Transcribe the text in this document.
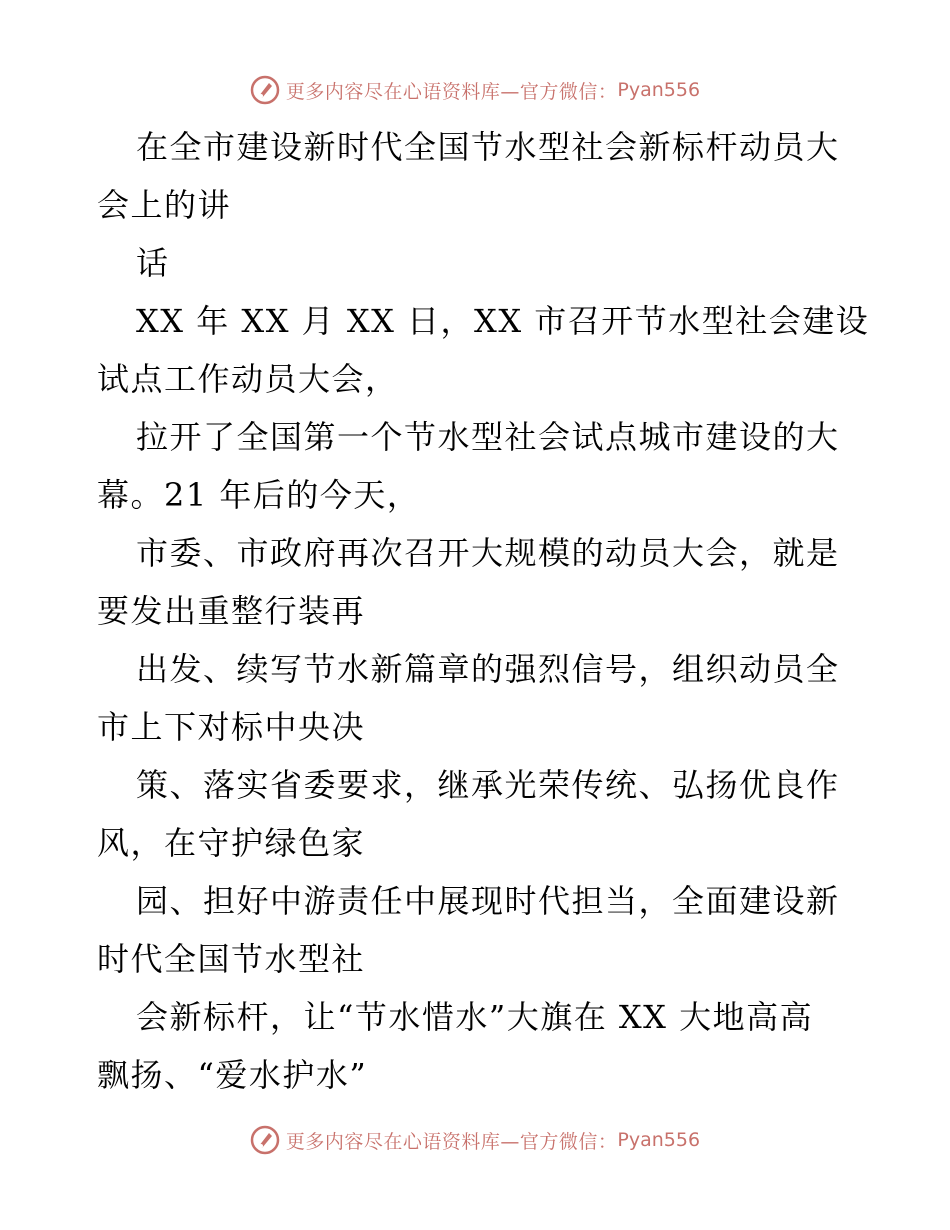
更多内容尽在心语资料库—官方微信： Pyan556
在全市建设新时代全国节水型社会新标杆动员大
会上的讲
话
XX 年 XX 月 XX 日，XX 市召开节水型社会建设
试点工作动员大会，
拉开了全国第一个节水型社会试点城市建设的大
幕。21 年后的今天，
市委、市政府再次召开大规模的动员大会，就是
要发出重整行装再
出发、续写节水新篇章的强烈信号，组织动员全
市上下对标中央决
策、落实省委要求，继承光荣传统、弘扬优良作
风，在守护绿色家
园、担好中游责任中展现时代担当，全面建设新
时代全国节水型社
会新标杆，让“节水惜水”大旗在 XX 大地高高
飘扬、“爱水护水”
更多内容尽在心语资料库—官方微信： Pyan556
